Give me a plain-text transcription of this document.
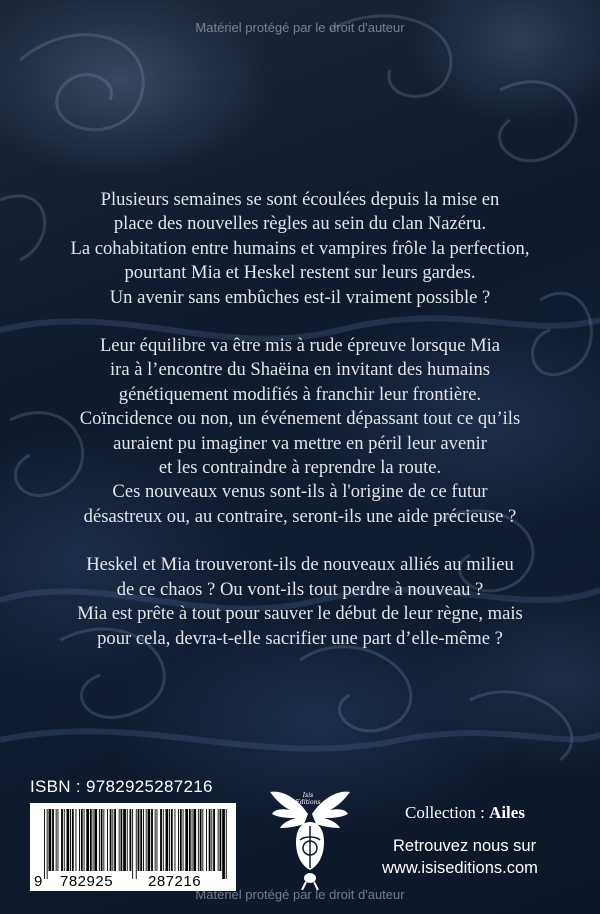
Matériel protégé par le droit d'auteur

Plusieurs semaines se sont écoulées depuis la mise en
place des nouvelles règles au sein du clan Nazéru.
La cohabitation entre humains et vampires frôle la perfection,
pourtant Mia et Heskel restent sur leurs gardes.
Un avenir sans embûches est-il vraiment possible ?

Leur équilibre va être mis à rude épreuve lorsque Mia
ira à l’encontre du Shaëina en invitant des humains
génétiquement modifiés à franchir leur frontière.
Coïncidence ou non, un événement dépassant tout ce qu’ils
auraient pu imaginer va mettre en péril leur avenir
et les contraindre à reprendre la route.
Ces nouveaux venus sont-ils à l'origine de ce futur
désastreux ou, au contraire, seront-ils une aide précieuse ?

Heskel et Mia trouveront-ils de nouveaux alliés au milieu
de ce chaos ? Ou vont-ils tout perdre à nouveau ?
Mia est prête à tout pour sauver le début de leur règne, mais
pour cela, devra-t-elle sacrifier une part d’elle-même ?

ISBN : 9782925287216
9 782925 287216
Isis Editions
Collection : Ailes
Retrouvez nous sur
www.isiseditions.com
Matériel protégé par le droit d'auteur
